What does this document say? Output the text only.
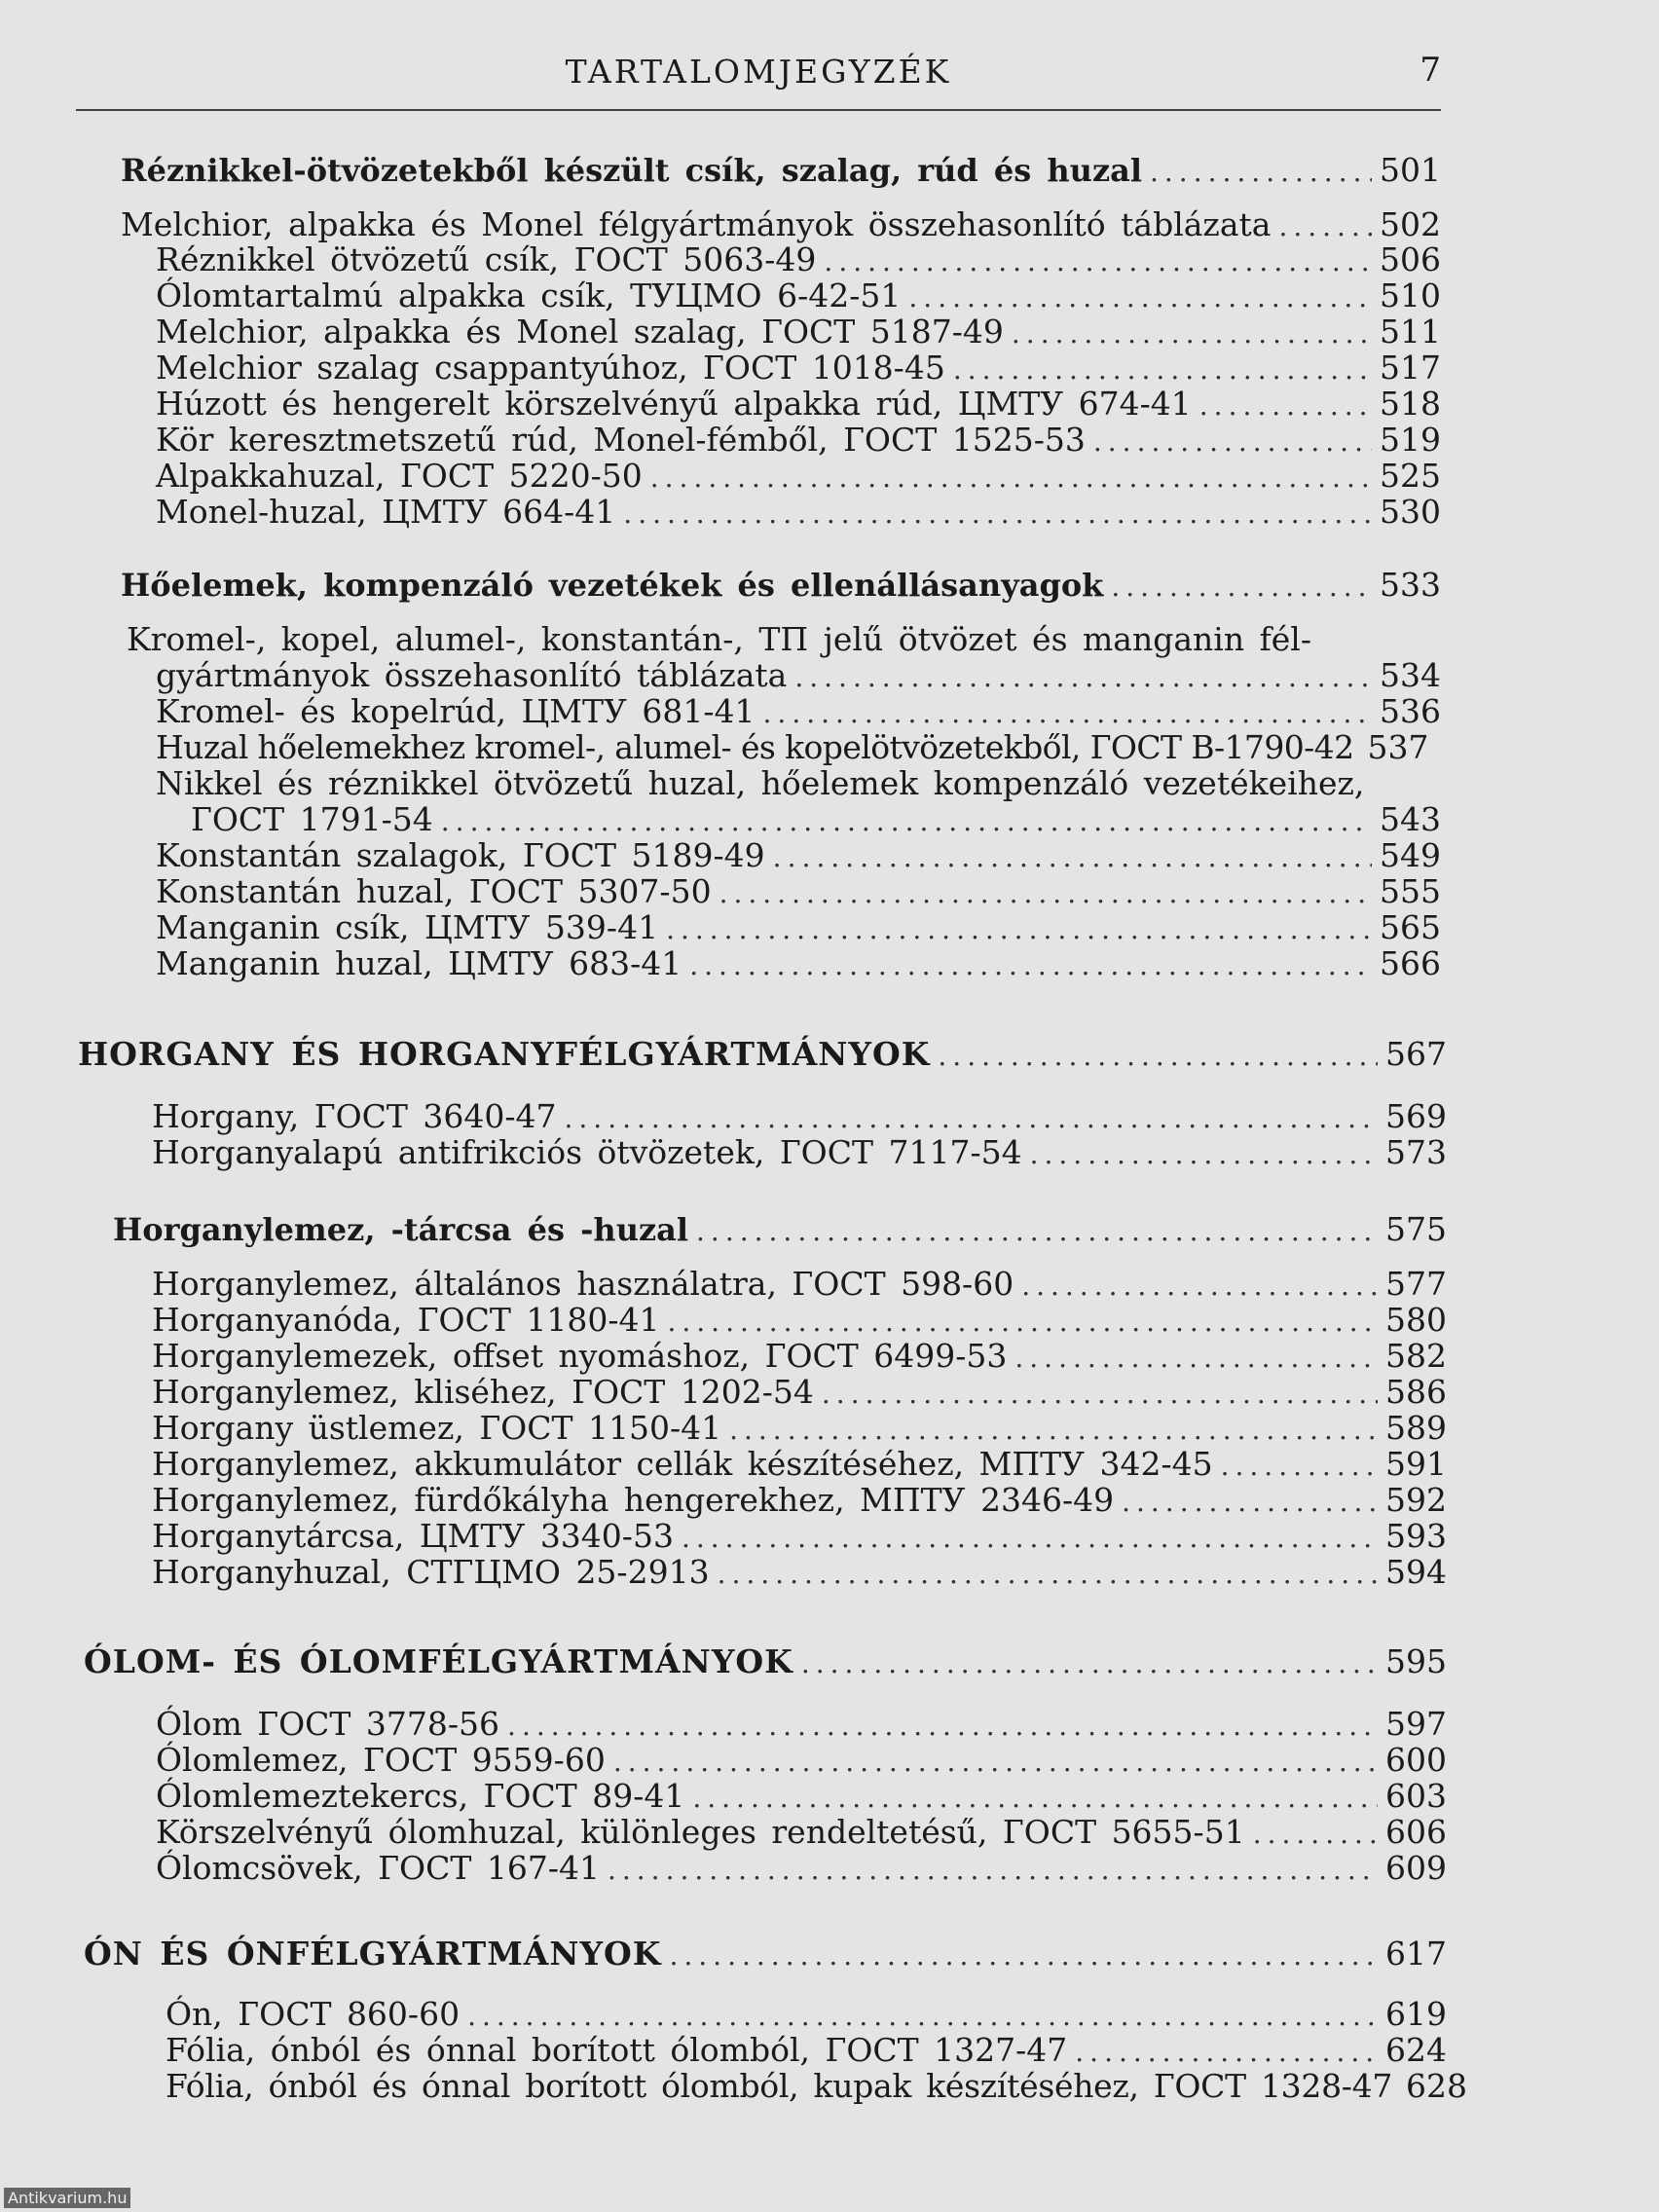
TARTALOMJEGYZÉK	7
Réznikkel-ötvözetekből készült csík, szalag, rúd és huzal .....	501
Melchior, alpakka és Monel félgyártmányok összehasonlító táblázata .....	502
Réznikkel ötvözetű csík, ГОСТ 5063-49 .....	506
Ólomtartalmú alpakka csík, ТУЦМО 6-42-51 .....	510
Melchior, alpakka és Monel szalag, ГОСТ 5187-49 .....	511
Melchior szalag csappantyúhoz, ГОСТ 1018-45 .....	517
Húzott és hengerelt körszelvényű alpakka rúd, ЦМТУ 674-41 .....	518
Kör keresztmetszetű rúd, Monel-fémből, ГОСТ 1525-53 .....	519
Alpakkahuzal, ГОСТ 5220-50 .....	525
Monel-huzal, ЦМТУ 664-41 .....	530
Hőelemek, kompenzáló vezetékek és ellenállásanyagok .....	533
Kromel-, kopel, alumel-, konstantán-, ТП jelű ötvözet és manganin fél-
gyártmányok összehasonlító táblázata .....	534
Kromel- és kopelrúd, ЦМТУ 681-41 .....	536
Huzal hőelemekhez kromel-, alumel- és kopelötvözetekből, ГОСТ В-1790-42 537
Nikkel és réznikkel ötvözetű huzal, hőelemek kompenzáló vezetékeihez,
ГОСТ 1791-54 .....	543
Konstantán szalagok, ГОСТ 5189-49 .....	549
Konstantán huzal, ГОСТ 5307-50 .....	555
Manganin csík, ЦМТУ 539-41 .....	565
Manganin huzal, ЦМТУ 683-41 .....	566
HORGANY ÉS HORGANYFÉLGYÁRTMÁNYOK .....	567
Horgany, ГОСТ 3640-47 .....	569
Horganyalapú antifrikciós ötvözetek, ГОСТ 7117-54 .....	573
Horganylemez, -tárcsa és -huzal .....	575
Horganylemez, általános használatra, ГОСТ 598-60 .....	577
Horganyanóda, ГОСТ 1180-41 .....	580
Horganylemezek, offset nyomáshoz, ГОСТ 6499-53 .....	582
Horganylemez, kliséhez, ГОСТ 1202-54 .....	586
Horgany üstlemez, ГОСТ 1150-41 .....	589
Horganylemez, akkumulátor cellák készítéséhez, МПТУ 342-45 .....	591
Horganylemez, fürdőkályha hengerekhez, МПТУ 2346-49 .....	592
Horganytárcsa, ЦМТУ 3340-53 .....	593
Horganyhuzal, СТГЦМО 25-2913 .....	594
ÓLOM- ÉS ÓLOMFÉLGYÁRTMÁNYOK .....	595
Ólom ГОСТ 3778-56 .....	597
Ólomlemez, ГОСТ 9559-60 .....	600
Ólomlemeztekercs, ГОСТ 89-41 .....	603
Körszelvényű ólomhuzal, különleges rendeltetésű, ГОСТ 5655-51 .....	606
Ólomcsövek, ГОСТ 167-41 .....	609
ÓN ÉS ÓNFÉLGYÁRTMÁNYOK .....	617
Ón, ГОСТ 860-60 .....	619
Fólia, ónból és ónnal borított ólomból, ГОСТ 1327-47 .....	624
Fólia, ónból és ónnal borított ólomból, kupak készítéséhez, ГОСТ 1328-47 628
Antikvarium.hu
